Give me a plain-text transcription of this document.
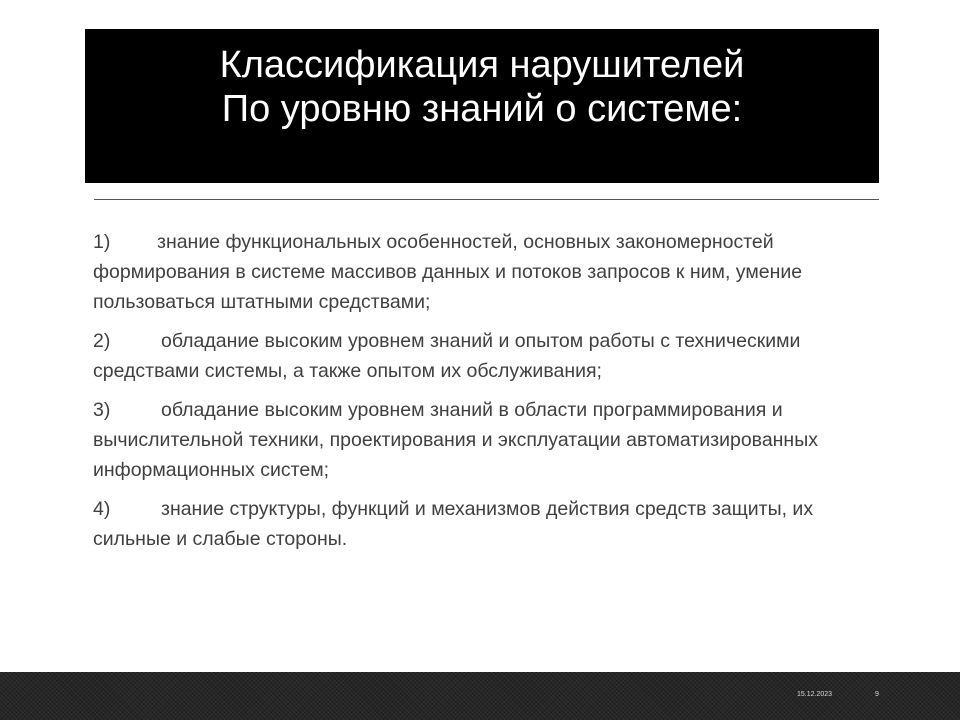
Классификация нарушителей
По уровню знаний о системе:

1) знание функциональных особенностей, основных закономерностей формирования в системе массивов данных и потоков запросов к ним, умение пользоваться штатными средствами;

2)	обладание высоким уровнем знаний и опытом работы с техническими средствами системы, а также опытом их обслуживания;

3)	обладание высоким уровнем знаний в области программирования и вычислительной техники, проектирования и эксплуатации автоматизированных информационных систем;

4)	знание структуры, функций и механизмов действия средств защиты, их сильные и слабые стороны.

15.12.2023	9
